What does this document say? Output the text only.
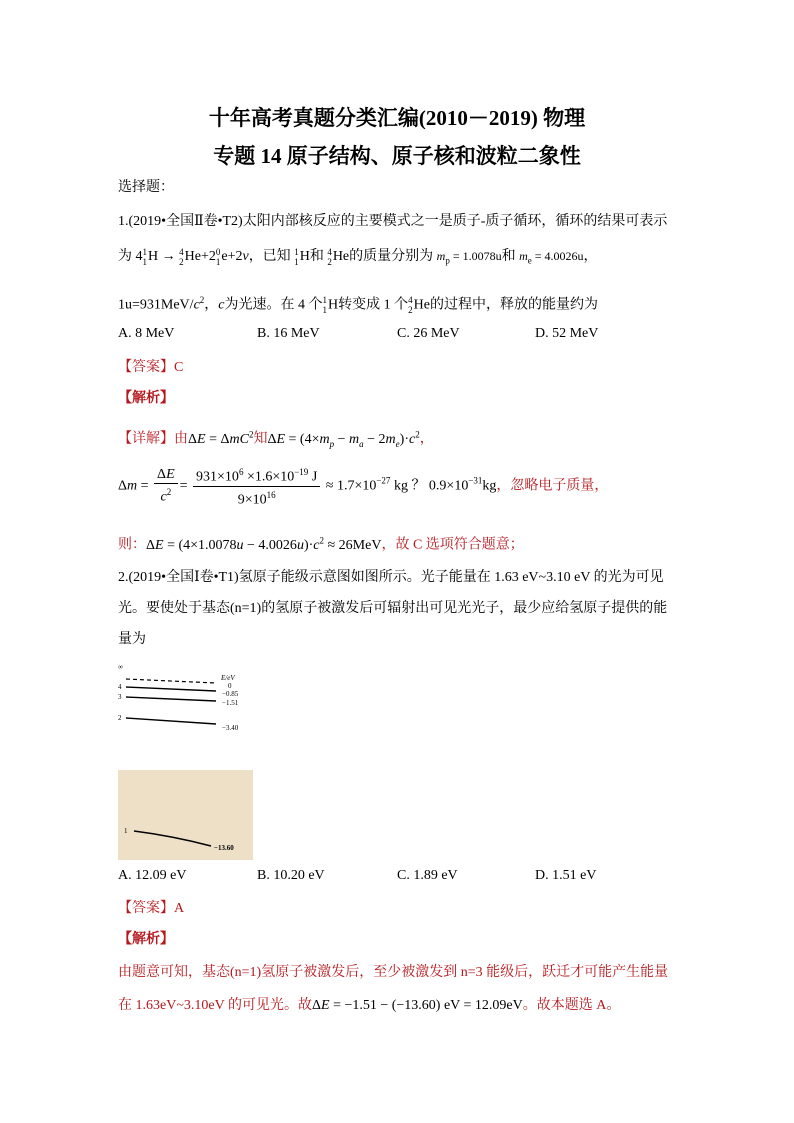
十年高考真题分类汇编(2010－2019) 物理
专题 14 原子结构、原子核和波粒二象性
选择题：
1.(2019•全国Ⅱ卷•T2)太阳内部核反应的主要模式之一是质子-质子循环，循环的结果可表示
为 4 1
1 H → 4
2 He+2 0
1 e+2ν，已知 1
1 H和 4
2 He的质量分别为 $m_p = 1.0078u$和 $m_e = 4.0026u$，
$1u=931MeV/c^2$，c为光速。在 4 个 1
1 H转变成 1 个 4
2 He的过程中，释放的能量约为
A. 8 MeV	B. 16 MeV	C. 26 MeV	D. 52 MeV
【答案】C
【解析】
【详解】由ΔE = ΔmC$^2$知$\Delta E = (4\times m_p - m_a - 2m_e)\cdot c^2$，
$\Delta m = \frac{\Delta E}{c^2} = \frac{931\times 10^6 \times 1.6\times 10^{-19} J}{9\times 10^{16}} \approx 1.7\times 10^{-27}$ kg ？ $0.9\times 10^{-31}kg$，忽略电子质量，
则：$\Delta E = (4\times 1.0078u - 4.0026u)\cdot c^2 \approx 26MeV$，故 C 选项符合题意；
2.(2019•全国Ⅰ卷•T1)氢原子能级示意图如图所示。光子能量在 1.63 eV~3.10 eV 的光为可见
光。要使处于基态(n=1)的氢原子被激发后可辐射出可见光光子，最少应给氢原子提供的能
量为
E/eV
∞
0
4
−0.85
3
−1.51
2
−3.40
1
−13.60
A. 12.09 eV	B. 10.20 eV	C. 1.89 eV	D. 1.51 eV
【答案】A
【解析】
由题意可知，基态(n=1)氢原子被激发后，至少被激发到 n=3 能级后，跃迁才可能产生能量
在 1.63eV~3.10eV 的可见光。故ΔE = −1.51 − (−13.60) eV = 12.09eV。故本题选 A。
